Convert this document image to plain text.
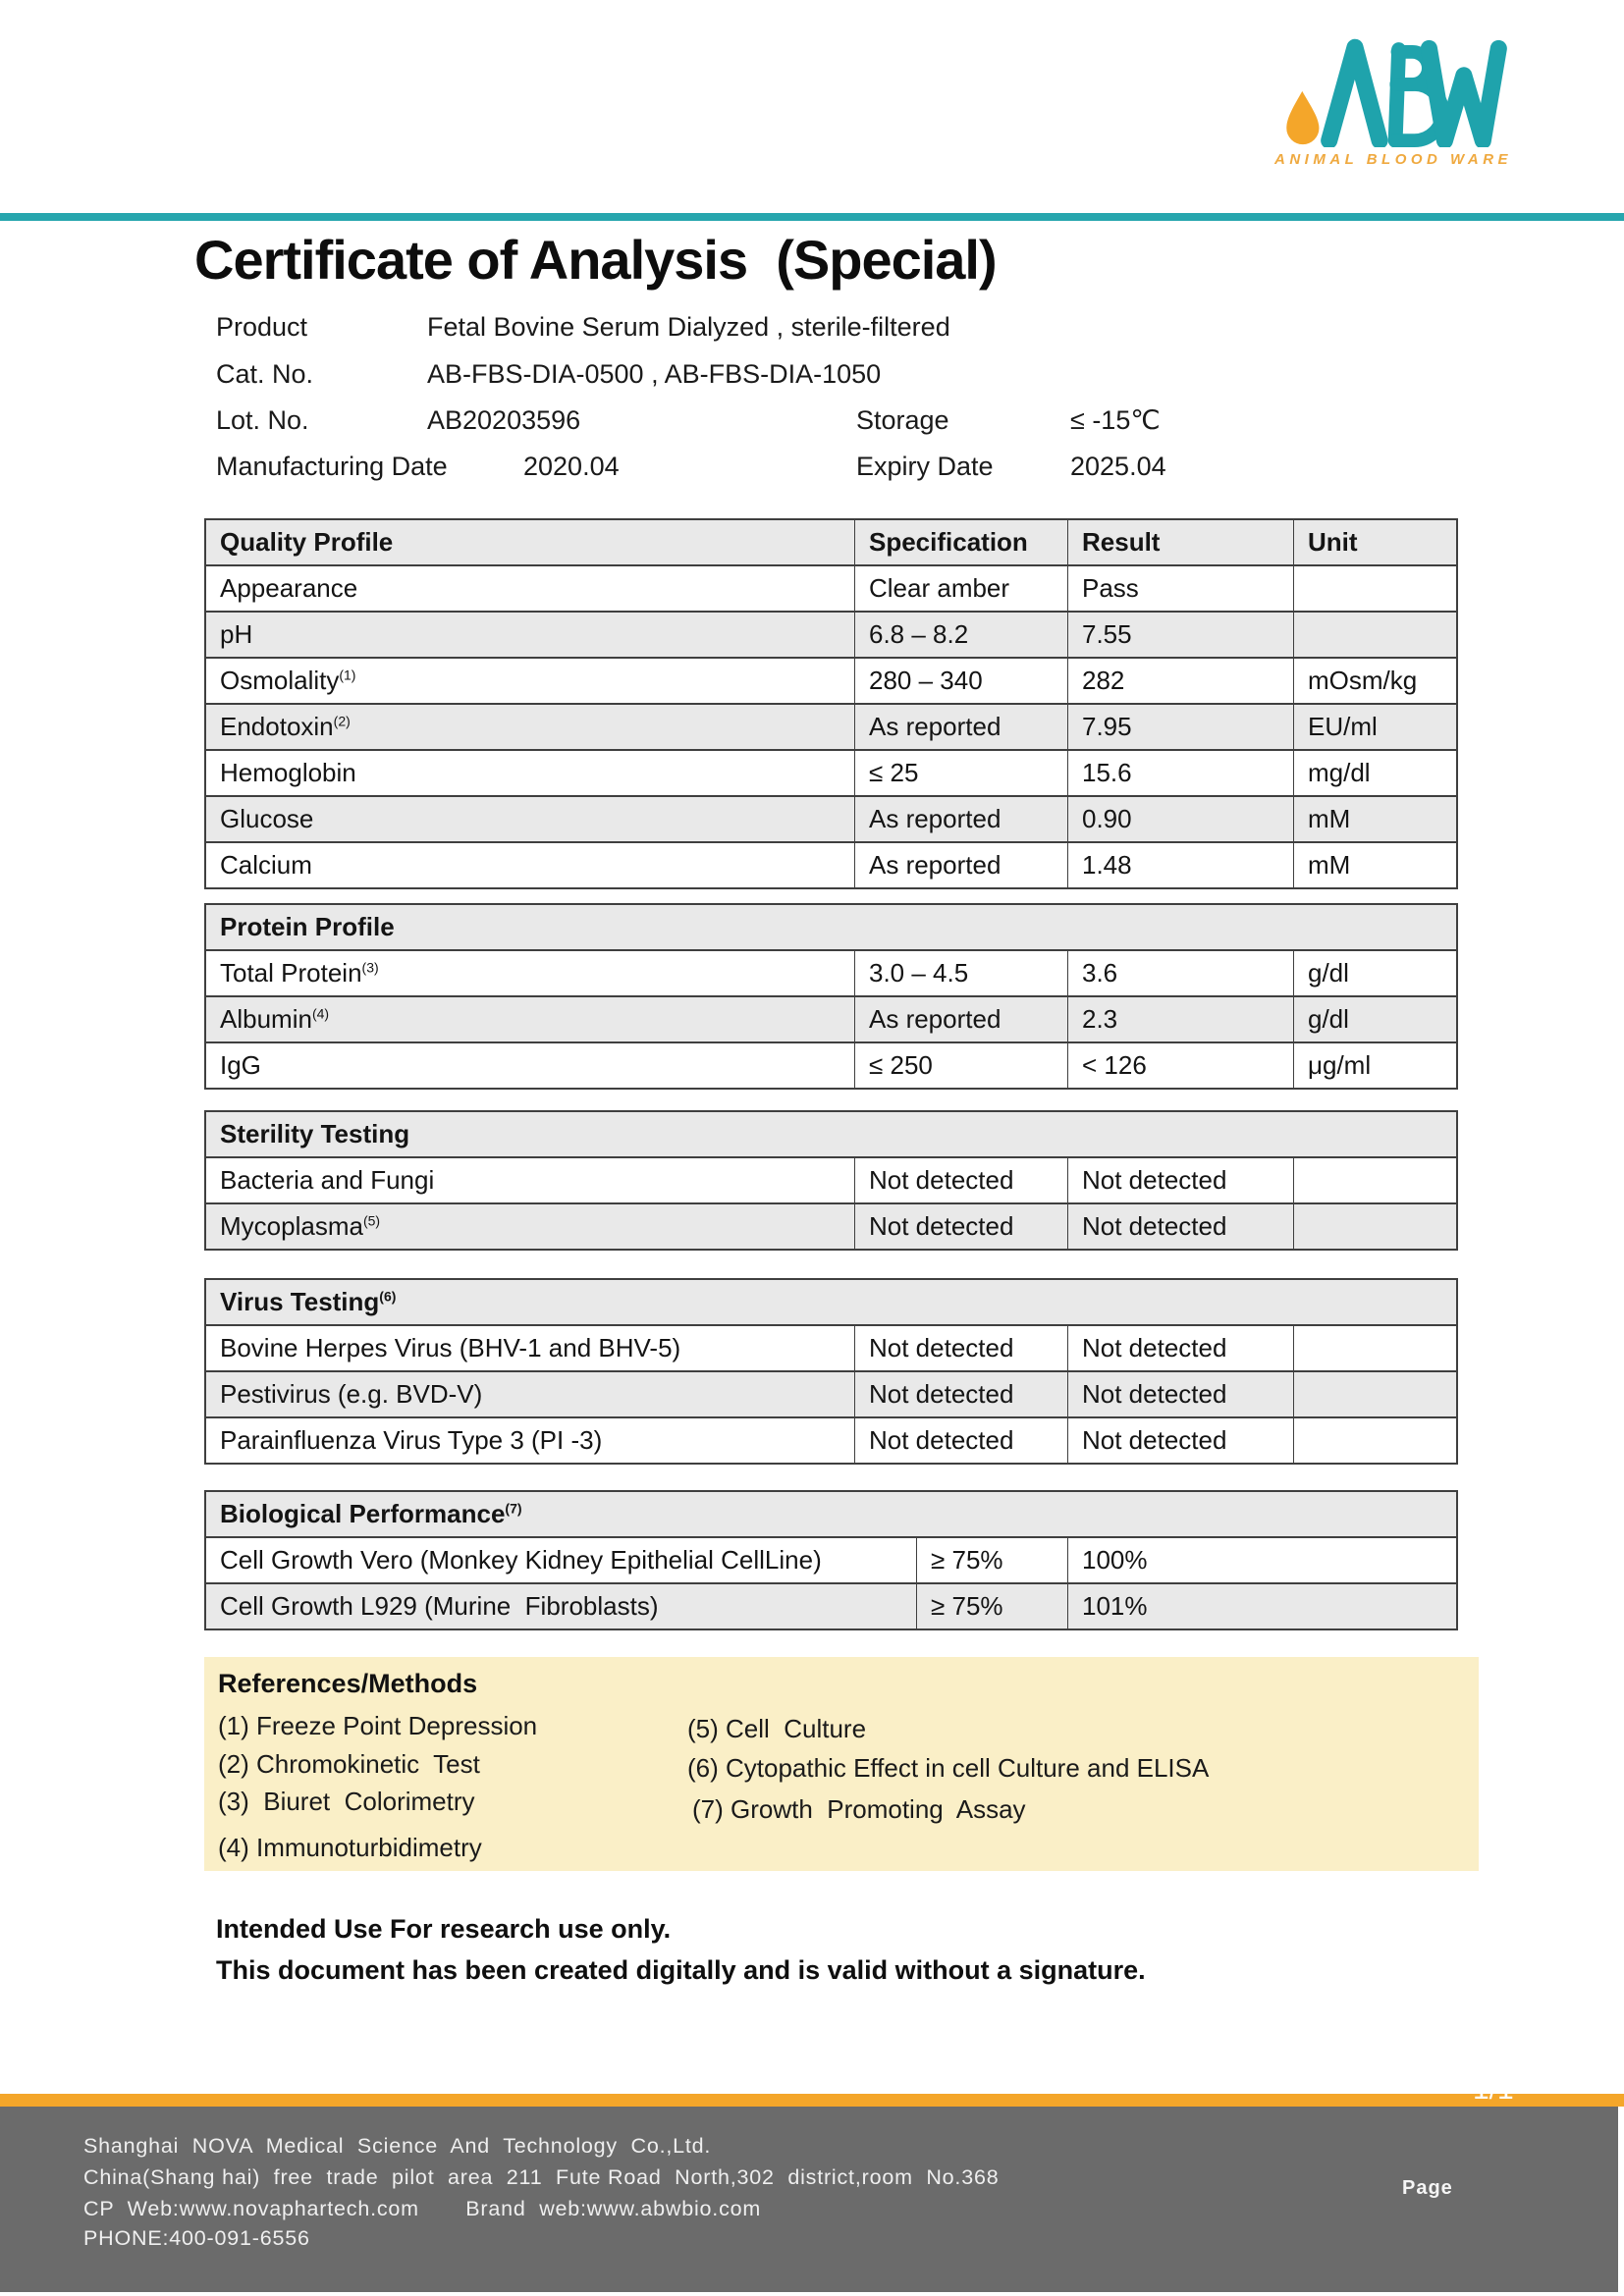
ANIMAL BLOOD WARE
Certificate of Analysis  (Special)
Product	Fetal Bovine Serum Dialyzed , sterile-filtered
Cat. No.	AB-FBS-DIA-0500 , AB-FBS-DIA-1050
Lot. No.	AB20203596	Storage	≤ -15℃
Manufacturing Date	2020.04	Expiry Date	2025.04
Quality Profile	Specification	Result	Unit
Appearance	Clear amber	Pass
pH	6.8 – 8.2	7.55
Osmolality$^{(1)}$	280 – 340	282	mOsm/kg
Endotoxin$^{(2)}$	As reported	7.95	EU/ml
Hemoglobin	≤ 25	15.6	mg/dl
Glucose	As reported	0.90	mM
Calcium	As reported	1.48	mM
Protein Profile
Total Protein$^{(3)}$	3.0 – 4.5	3.6	g/dl
Albumin$^{(4)}$	As reported	2.3	g/dl
IgG	≤ 250	< 126	μg/ml
Sterility Testing
Bacteria and Fungi	Not detected	Not detected
Mycoplasma$^{(5)}$	Not detected	Not detected
Virus Testing$^{(6)}$
Bovine Herpes Virus (BHV-1 and BHV-5)	Not detected	Not detected
Pestivirus (e.g. BVD-V)	Not detected	Not detected
Parainfluenza Virus Type 3 (PI -3)	Not detected	Not detected
Biological Performance$^{(7)}$
Cell Growth Vero (Monkey Kidney Epithelial CellLine)	≥ 75%	100%
Cell Growth L929 (Murine  Fibroblasts)	≥ 75%	101%
References/Methods
(1) Freeze Point Depression
(2) Chromokinetic  Test
(3)  Biuret  Colorimetry
(4) Immunoturbidimetry
(5) Cell  Culture
(6) Cytopathic Effect in cell Culture and ELISA
(7) Growth  Promoting  Assay
Intended Use For research use only.
This document has been created digitally and is valid without a signature.
1/1
Shanghai  NOVA  Medical  Science  And  Technology  Co.,Ltd.
China(Shang hai)  free  trade  pilot  area  211  Fute Road  North,302  district,room  No.368
CP  Web:www.novaphartech.com       Brand  web:www.abwbio.com
PHONE:400-091-6556
Page
